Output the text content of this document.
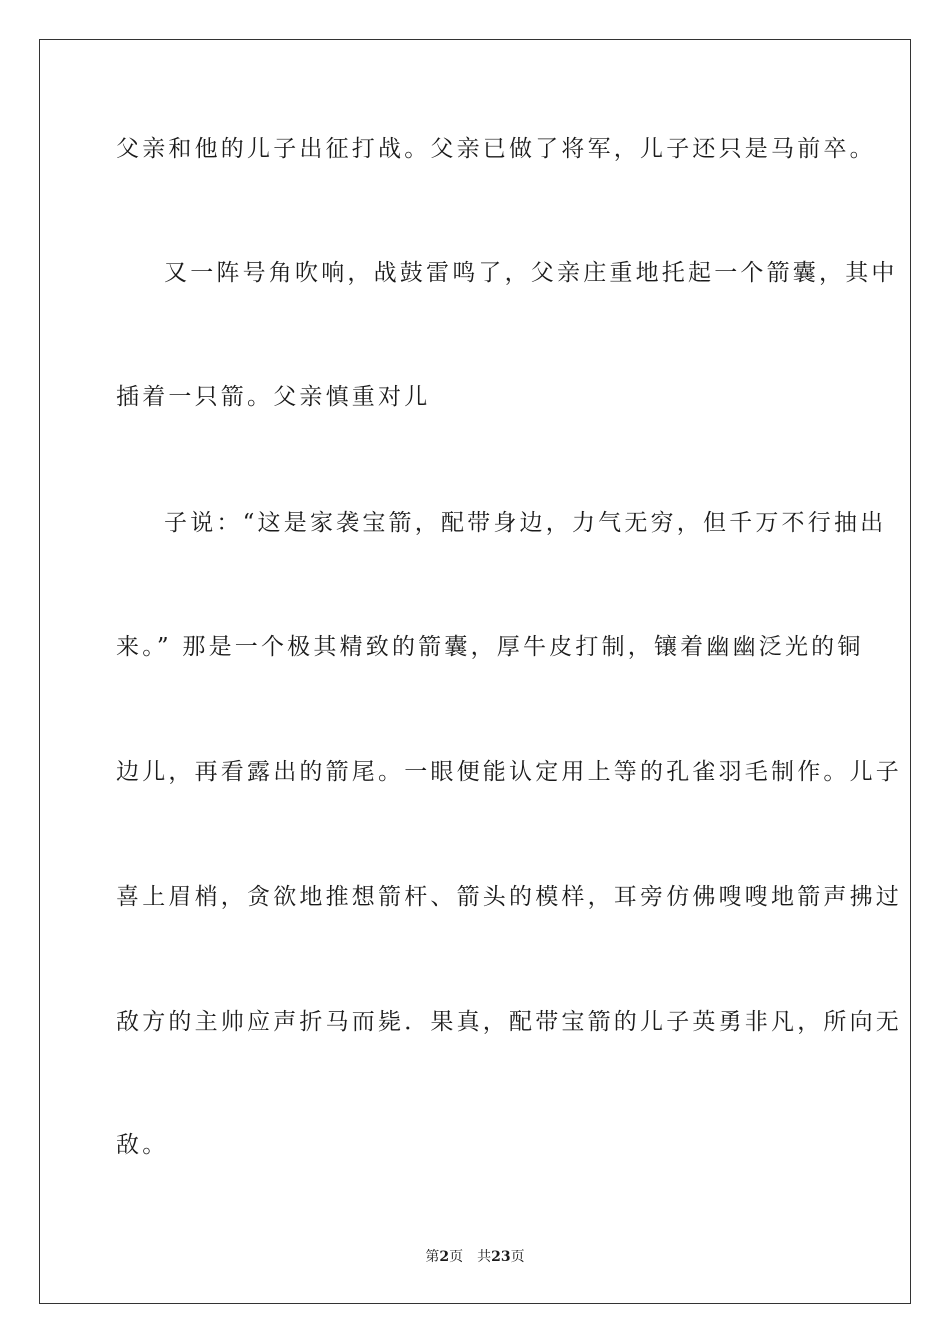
父亲和他的儿子出征打战。父亲已做了将军，儿子还只是马前卒。
又一阵号角吹响，战鼓雷鸣了，父亲庄重地托起一个箭囊，其中
插着一只箭。父亲慎重对儿
子说：“这是家袭宝箭，配带身边，力气无穷，但千万不行抽出
来。” 那是一个极其精致的箭囊，厚牛皮打制，镶着幽幽泛光的铜
边儿，再看露出的箭尾。一眼便能认定用上等的孔雀羽毛制作。儿子
喜上眉梢，贪欲地推想箭杆、箭头的模样，耳旁仿佛嗖嗖地箭声拂过
敌方的主帅应声折马而毙．果真，配带宝箭的儿子英勇非凡，所向无
敌。
第2页 共23页
